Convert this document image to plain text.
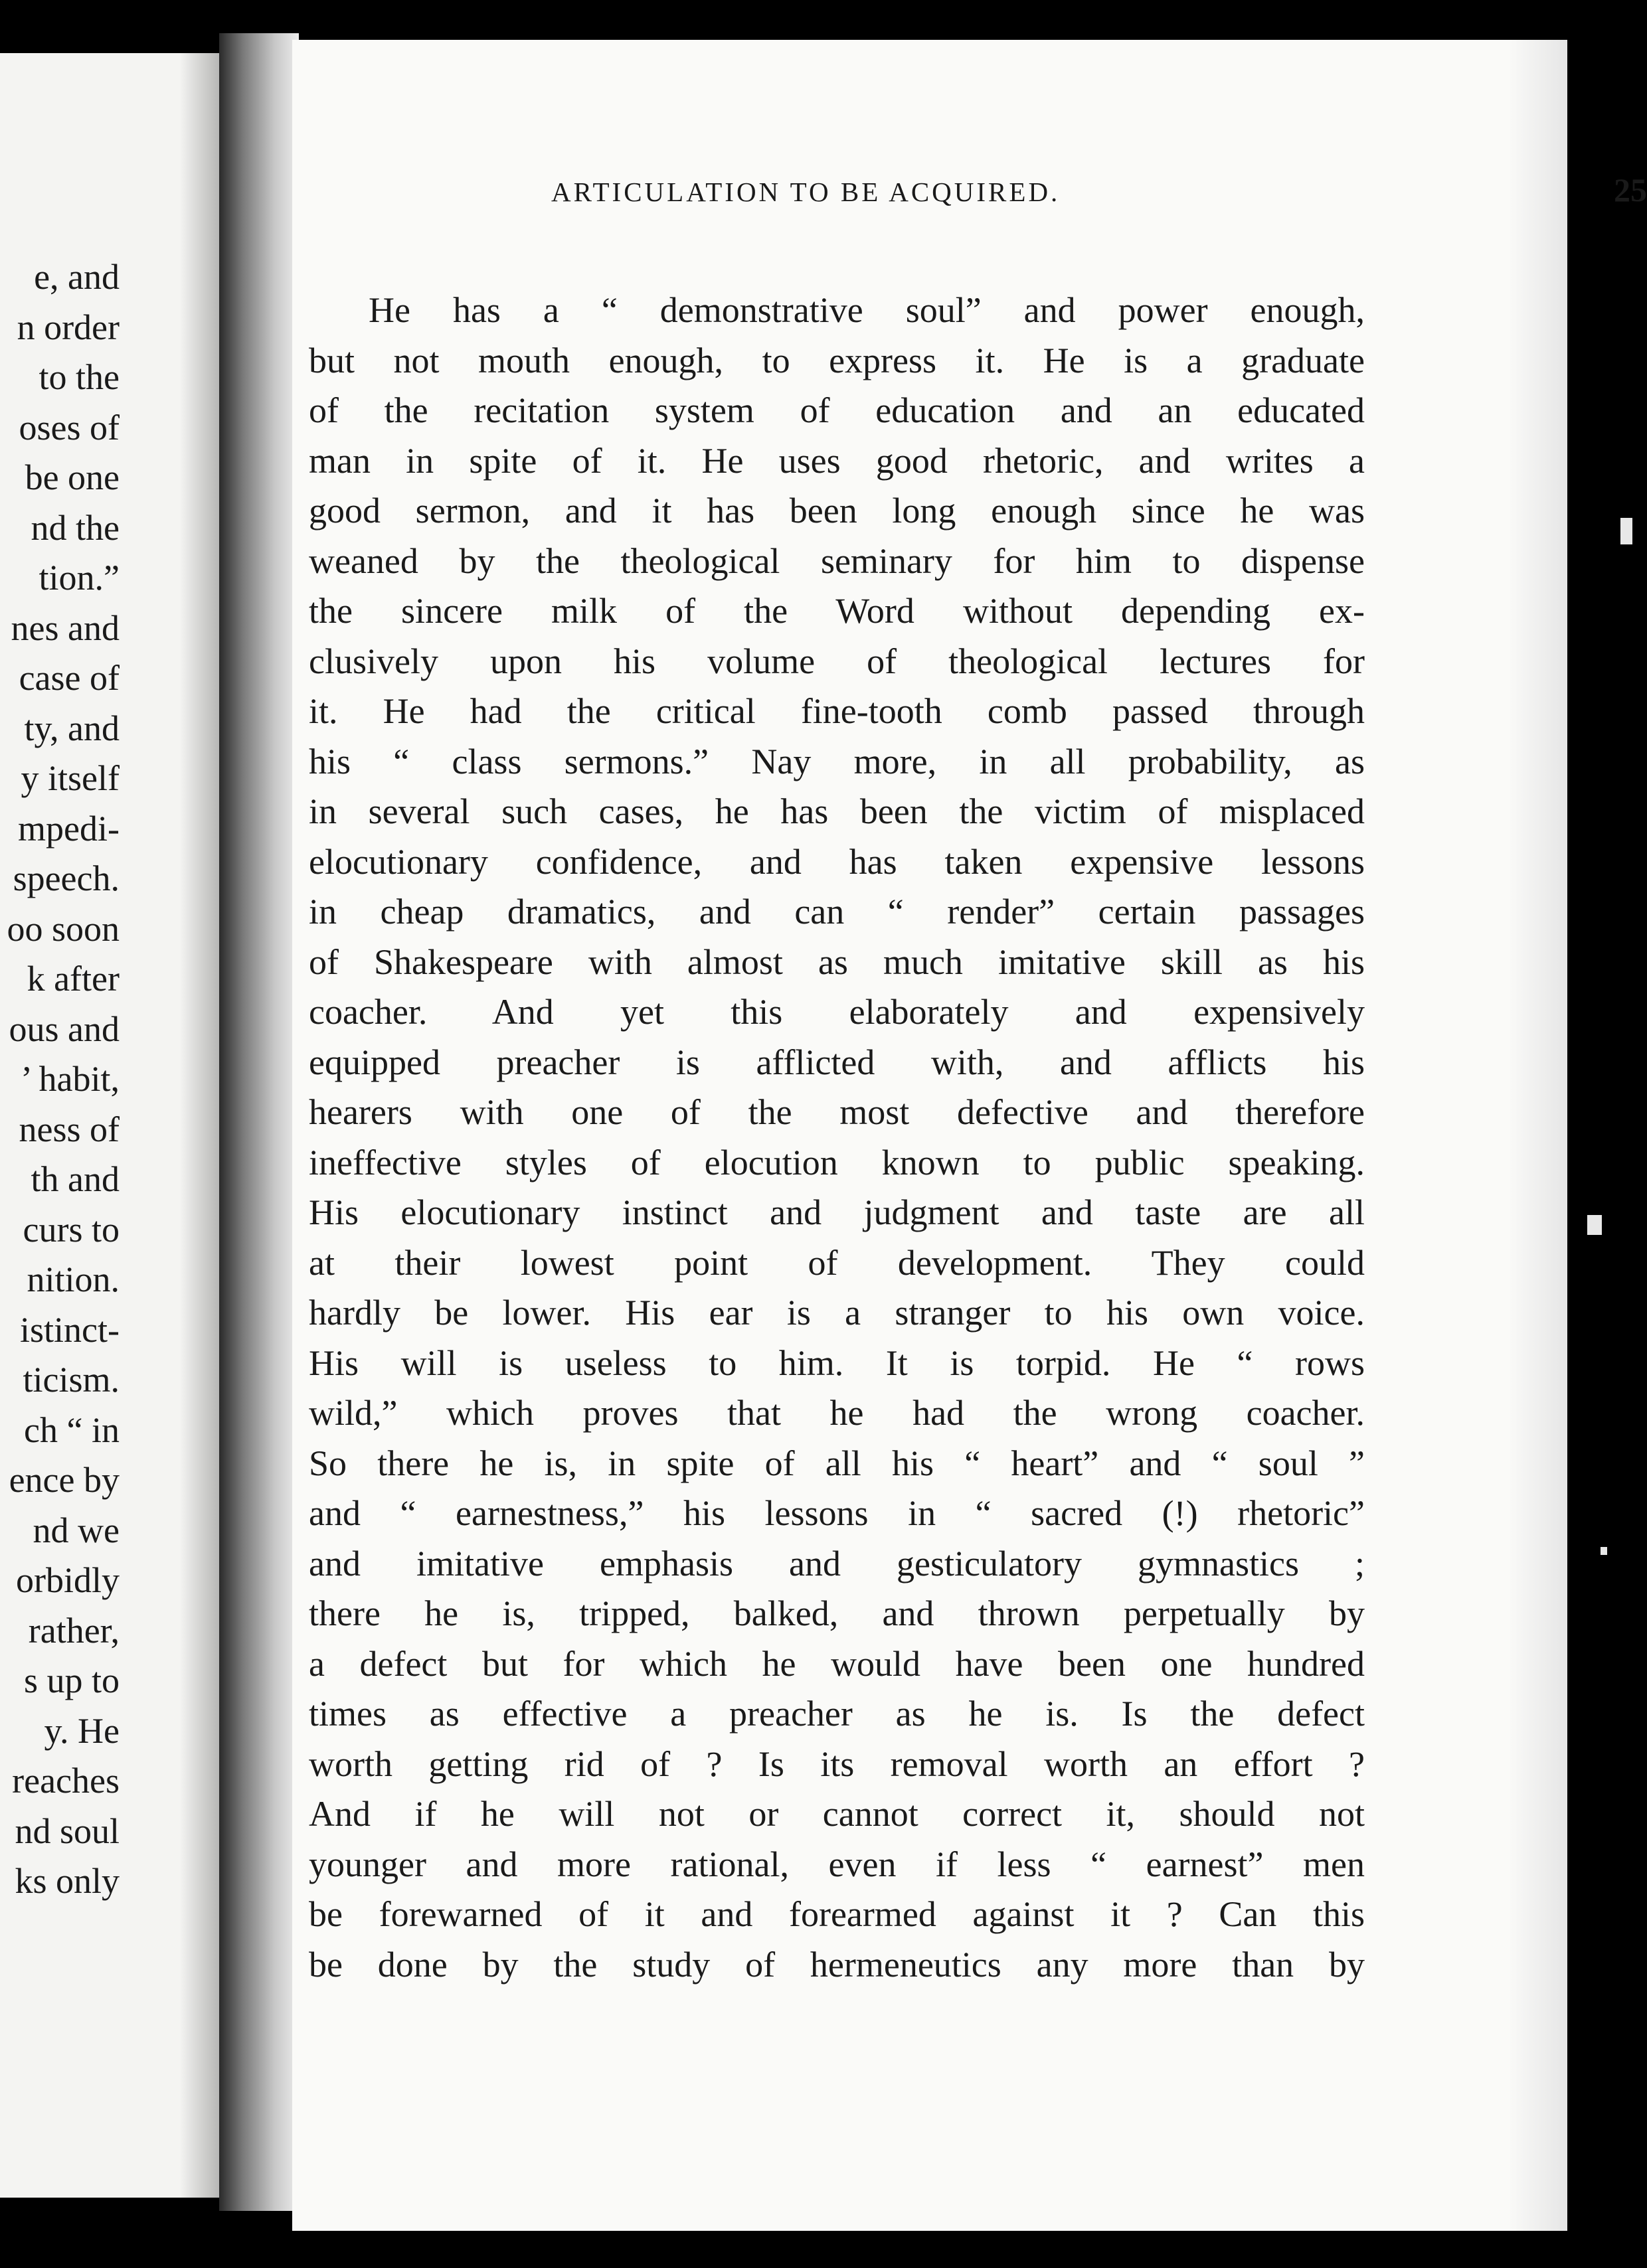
e, and
n order
to the
oses of
be one
nd the
tion.”
nes and
case of
ty, and
y itself
mpedi-
speech.
oo soon
k after
ous and
’ habit,
ness of
th and
curs to
nition.
istinct-
ticism.
ch “ in
ence by
nd we
orbidly
rather,
s up to
y. He
reaches
nd soul
ks only
ARTICULATION TO BE ACQUIRED.	25
He has a “ demonstrative soul” and power enough,
but not mouth enough, to express it. He is a graduate
of the recitation system of education and an educated
man in spite of it. He uses good rhetoric, and writes a
good sermon, and it has been long enough since he was
weaned by the theological seminary for him to dispense
the sincere milk of the Word without depending ex-
clusively upon his volume of theological lectures for
it. He had the critical fine-tooth comb passed through
his “ class sermons.” Nay more, in all probability, as
in several such cases, he has been the victim of misplaced
elocutionary confidence, and has taken expensive lessons
in cheap dramatics, and can “ render” certain passages
of Shakespeare with almost as much imitative skill as his
coacher. And yet this elaborately and expensively
equipped preacher is afflicted with, and afflicts his
hearers with one of the most defective and therefore
ineffective styles of elocution known to public speaking.
His elocutionary instinct and judgment and taste are all
at their lowest point of development. They could
hardly be lower. His ear is a stranger to his own voice.
His will is useless to him. It is torpid. He “ rows
wild,” which proves that he had the wrong coacher.
So there he is, in spite of all his “ heart” and “ soul ”
and “ earnestness,” his lessons in “ sacred (!) rhetoric”
and imitative emphasis and gesticulatory gymnastics ;
there he is, tripped, balked, and thrown perpetually by
a defect but for which he would have been one hundred
times as effective a preacher as he is. Is the defect
worth getting rid of ? Is its removal worth an effort ?
And if he will not or cannot correct it, should not
younger and more rational, even if less “ earnest” men
be forewarned of it and forearmed against it ? Can this
be done by the study of hermeneutics any more than by
